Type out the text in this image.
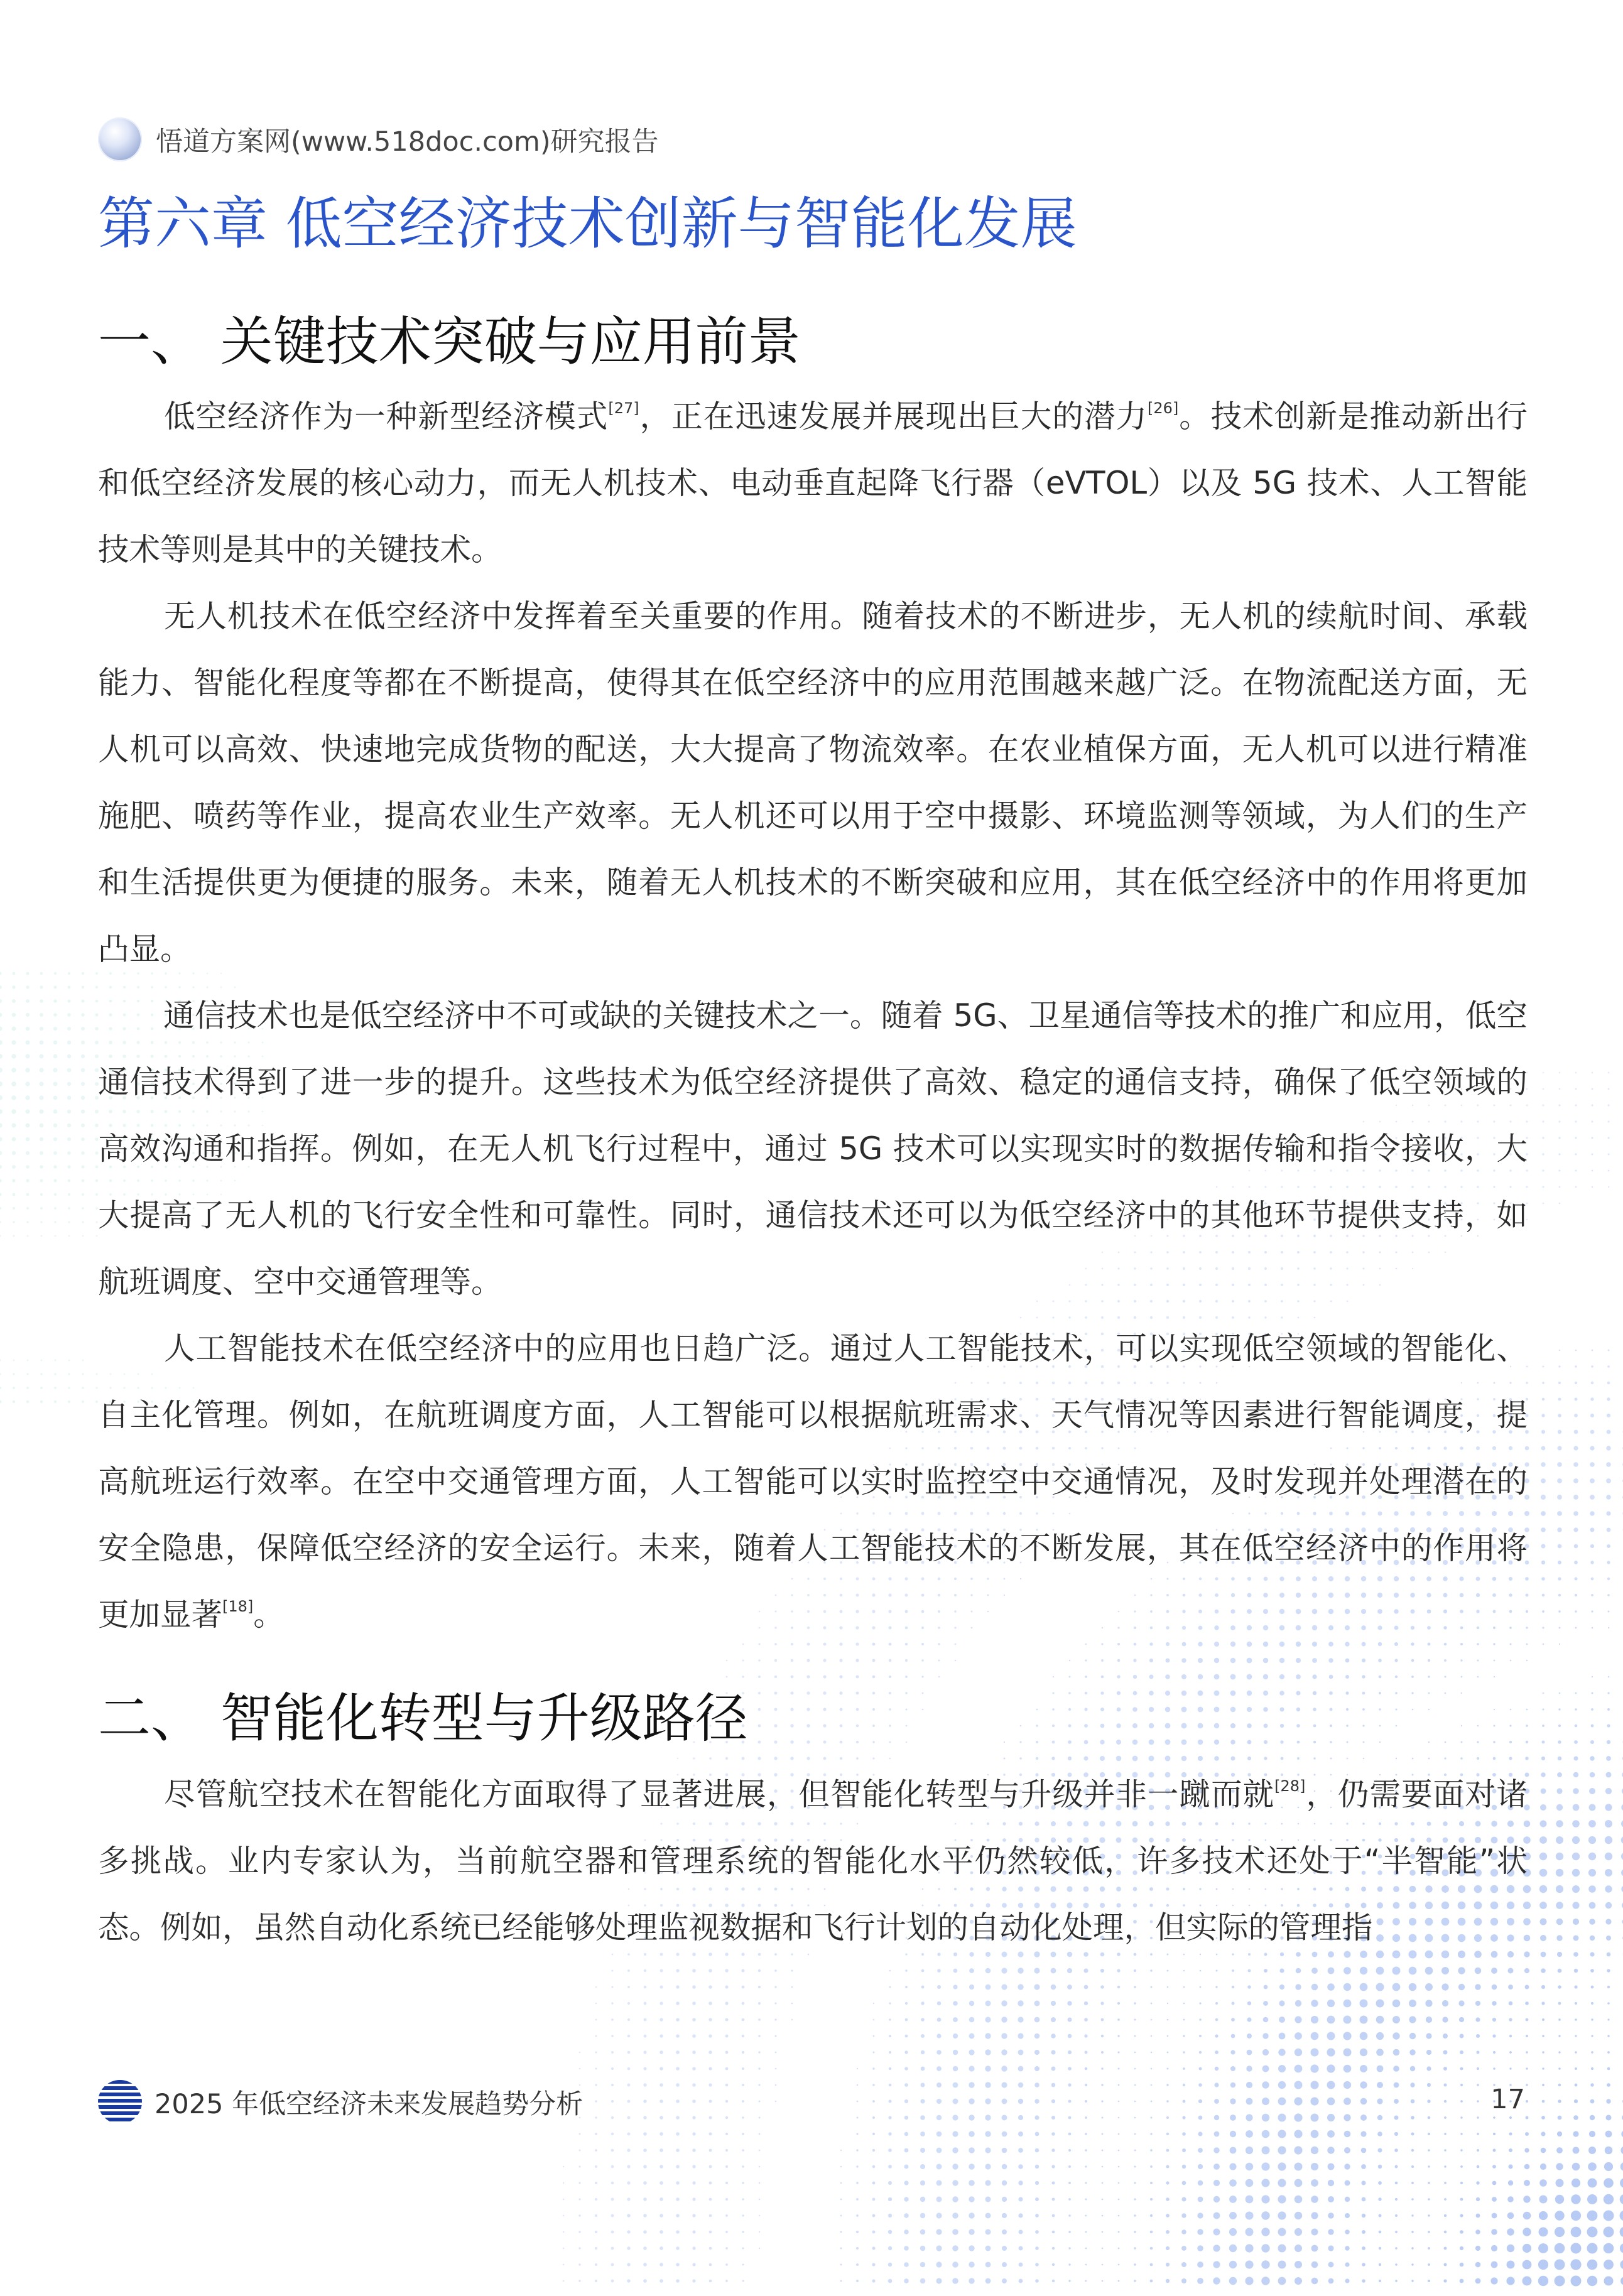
悟道方案网(www.518doc.com)研究报告
第六章 低空经济技术创新与智能化发展
一、 关键技术突破与应用前景

低空经济作为一种新型经济模式[27]，正在迅速发展并展现出巨大的潜力[26]。技术创新是推动新出行和低空经济发展的核心动力，而无人机技术、电动垂直起降飞行器（eVTOL）以及 5G 技术、人工智能技术等则是其中的关键技术。

无人机技术在低空经济中发挥着至关重要的作用。随着技术的不断进步，无人机的续航时间、承载能力、智能化程度等都在不断提高，使得其在低空经济中的应用范围越来越广泛。在物流配送方面，无人机可以高效、快速地完成货物的配送，大大提高了物流效率。在农业植保方面，无人机可以进行精准施肥、喷药等作业，提高农业生产效率。无人机还可以用于空中摄影、环境监测等领域，为人们的生产和生活提供更为便捷的服务。未来，随着无人机技术的不断突破和应用，其在低空经济中的作用将更加凸显。

通信技术也是低空经济中不可或缺的关键技术之一。随着 5G、卫星通信等技术的推广和应用，低空通信技术得到了进一步的提升。这些技术为低空经济提供了高效、稳定的通信支持，确保了低空领域的高效沟通和指挥。例如，在无人机飞行过程中，通过 5G 技术可以实现实时的数据传输和指令接收，大大提高了无人机的飞行安全性和可靠性。同时，通信技术还可以为低空经济中的其他环节提供支持，如航班调度、空中交通管理等。

人工智能技术在低空经济中的应用也日趋广泛。通过人工智能技术，可以实现低空领域的智能化、自主化管理。例如，在航班调度方面，人工智能可以根据航班需求、天气情况等因素进行智能调度，提高航班运行效率。在空中交通管理方面，人工智能可以实时监控空中交通情况，及时发现并处理潜在的安全隐患，保障低空经济的安全运行。未来，随着人工智能技术的不断发展，其在低空经济中的作用将更加显著[18]。

二、 智能化转型与升级路径

尽管航空技术在智能化方面取得了显著进展，但智能化转型与升级并非一蹴而就[28]，仍需要面对诸多挑战。业内专家认为，当前航空器和管理系统的智能化水平仍然较低，许多技术还处于“半智能”状态。例如，虽然自动化系统已经能够处理监视数据和飞行计划的自动化处理，但实际的管理指

2025 年低空经济未来发展趋势分析	17
